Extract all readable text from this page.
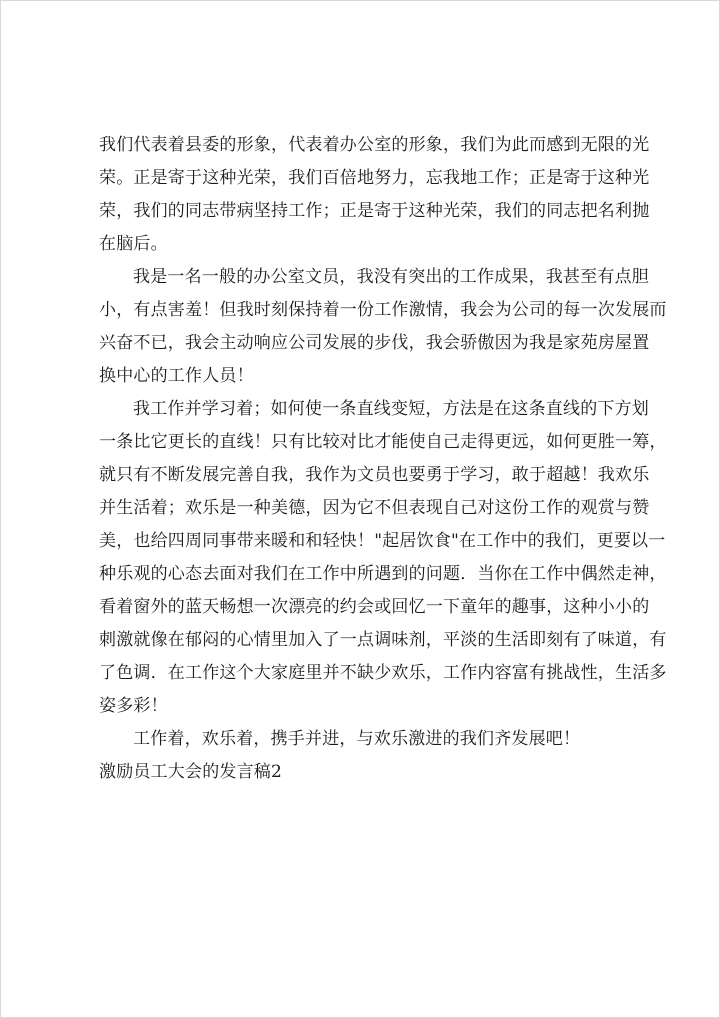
我们代表着县委的形象，代表着办公室的形象，我们为此而感到无限的光
荣。正是寄于这种光荣，我们百倍地努力，忘我地工作；正是寄于这种光
荣，我们的同志带病坚持工作；正是寄于这种光荣，我们的同志把名利抛
在脑后。
我是一名一般的办公室文员，我没有突出的工作成果，我甚至有点胆
小，有点害羞！但我时刻保持着一份工作激情，我会为公司的每一次发展而
兴奋不已，我会主动响应公司发展的步伐，我会骄傲因为我是家苑房屋置
换中心的工作人员！
我工作并学习着；如何使一条直线变短，方法是在这条直线的下方划
一条比它更长的直线！只有比较对比才能使自己走得更远，如何更胜一筹，
就只有不断发展完善自我，我作为文员也要勇于学习，敢于超越！我欢乐
并生活着；欢乐是一种美德，因为它不但表现自己对这份工作的观赏与赞
美，也给四周同事带来暖和和轻快！"起居饮食"在工作中的我们，更要以一
种乐观的心态去面对我们在工作中所遇到的问题．当你在工作中偶然走神，
看着窗外的蓝天畅想一次漂亮的约会或回忆一下童年的趣事，这种小小的
刺激就像在郁闷的心情里加入了一点调味剂，平淡的生活即刻有了味道，有
了色调．在工作这个大家庭里并不缺少欢乐，工作内容富有挑战性，生活多
姿多彩！
工作着，欢乐着，携手并进，与欢乐激进的我们齐发展吧！
激励员工大会的发言稿2
